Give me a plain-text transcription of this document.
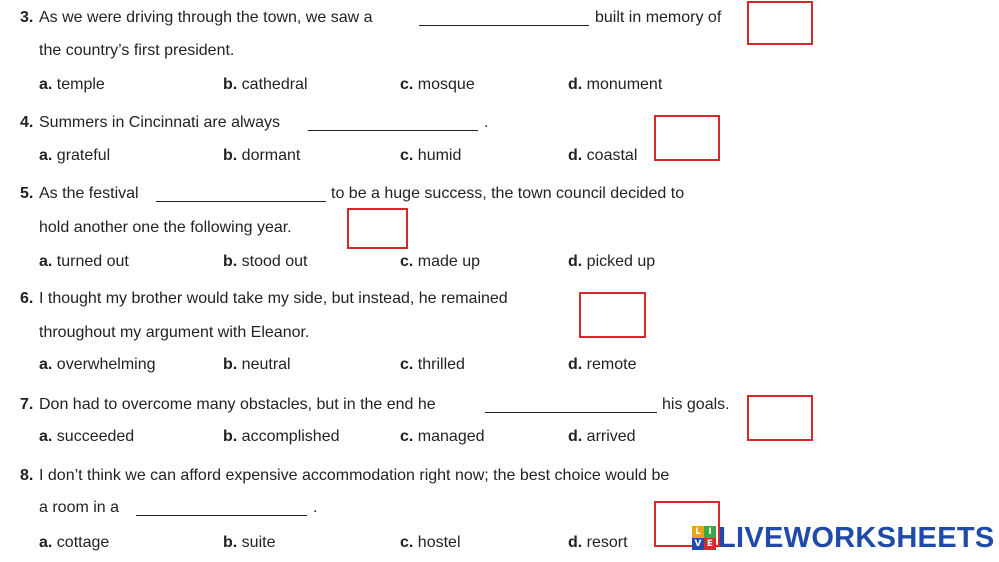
3. As we were driving through the town, we saw a	built in memory of
the country’s first president.
a. temple	b. cathedral	c. mosque	d. monument
4. Summers in Cincinnati are always	.
a. grateful	b. dormant	c. humid	d. coastal
5. As the festival	to be a huge success, the town council decided to
hold another one the following year.
a. turned out	b. stood out	c. made up	d. picked up
6. I thought my brother would take my side, but instead, he remained
throughout my argument with Eleanor.
a. overwhelming	b. neutral	c. thrilled	d. remote
7. Don had to overcome many obstacles, but in the end he	his goals.
a. succeeded	b. accomplished	c. managed	d. arrived
8. I don’t think we can afford expensive accommodation right now; the best choice would be
a room in a	.
a. cottage	b. suite	c. hostel	d. resort
L I
V E LIVEWORKSHEETS
